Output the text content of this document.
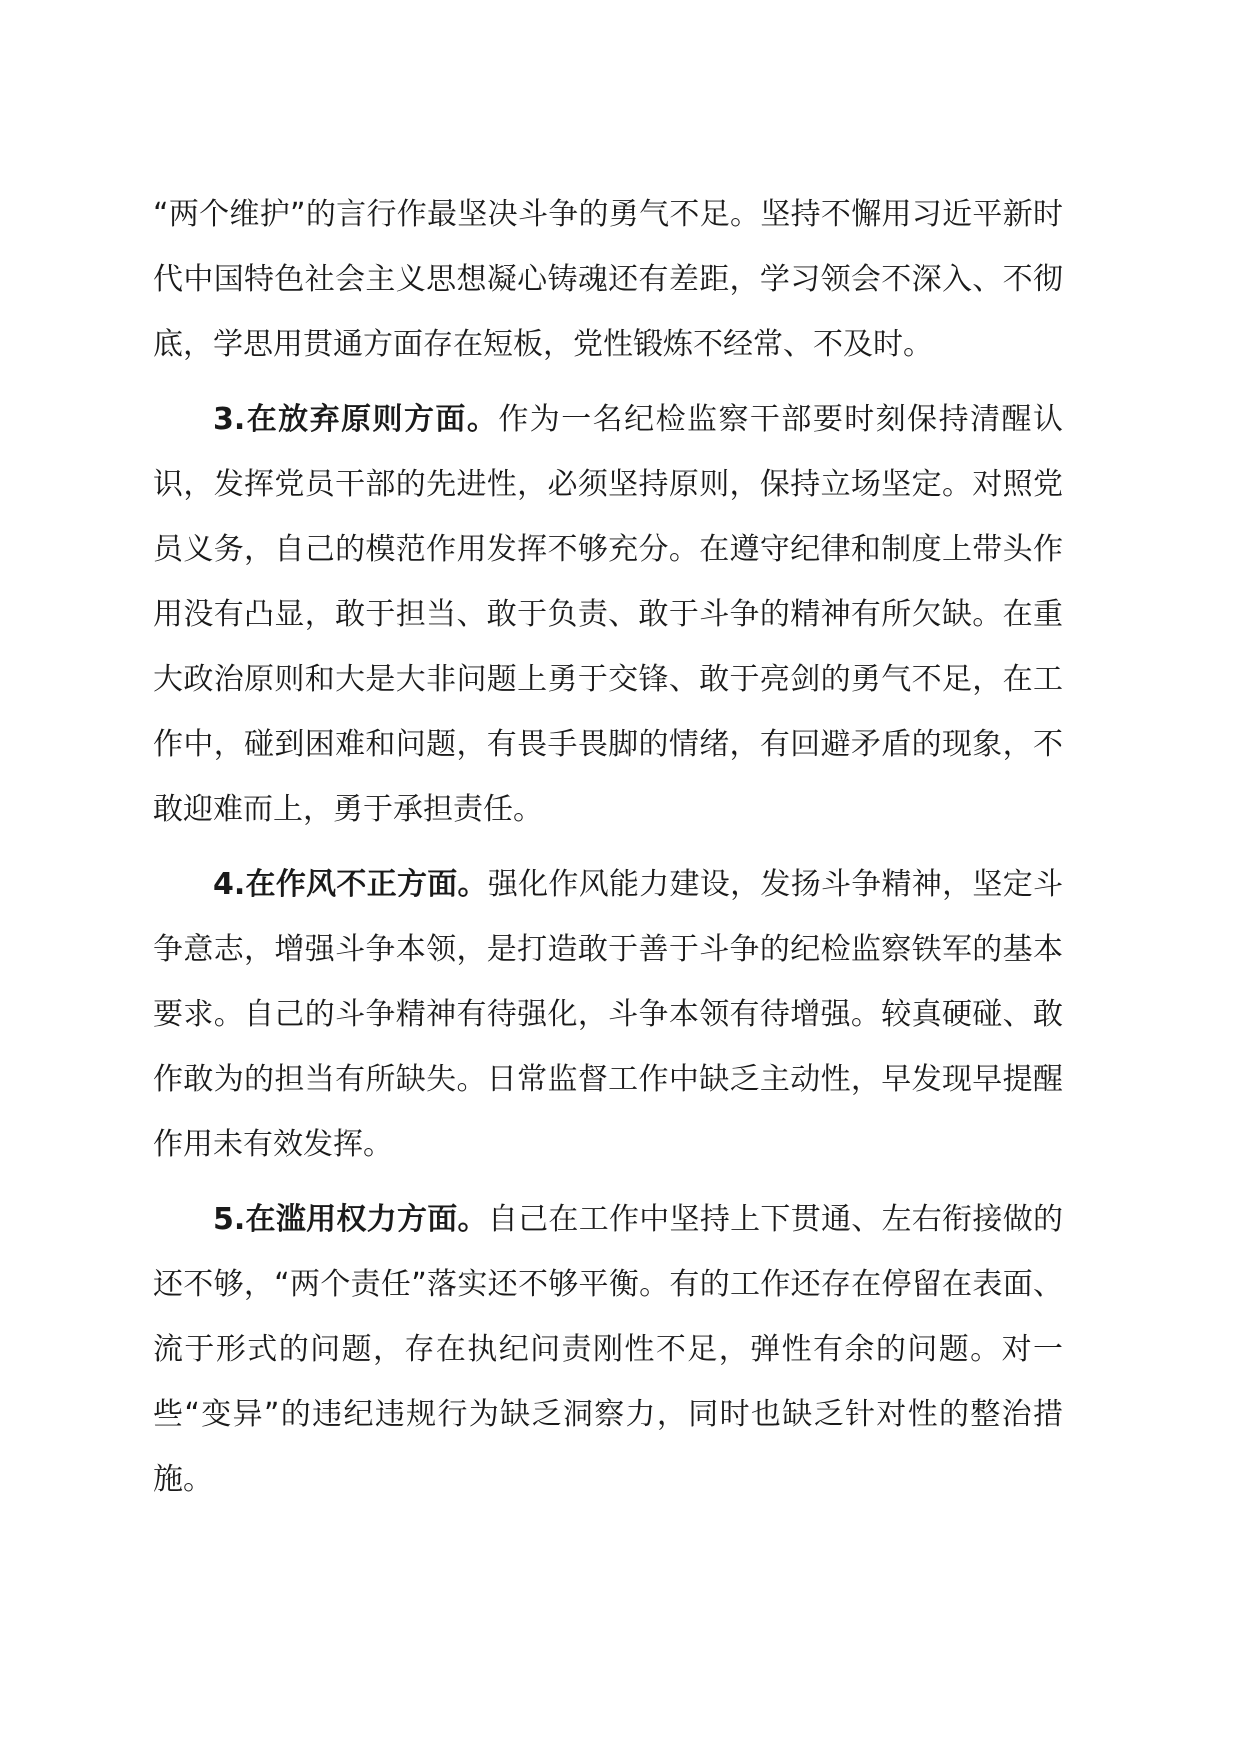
“两个维护”的言行作最坚决斗争的勇气不足。坚持不懈用习近平新时代中国特色社会主义思想凝心铸魂还有差距，学习领会不深入、不彻底，学思用贯通方面存在短板，党性锻炼不经常、不及时。

3.在放弃原则方面。作为一名纪检监察干部要时刻保持清醒认识，发挥党员干部的先进性，必须坚持原则，保持立场坚定。对照党员义务，自己的模范作用发挥不够充分。在遵守纪律和制度上带头作用没有凸显，敢于担当、敢于负责、敢于斗争的精神有所欠缺。在重大政治原则和大是大非问题上勇于交锋、敢于亮剑的勇气不足，在工作中，碰到困难和问题，有畏手畏脚的情绪，有回避矛盾的现象，不敢迎难而上，勇于承担责任。

4.在作风不正方面。强化作风能力建设，发扬斗争精神，坚定斗争意志，增强斗争本领，是打造敢于善于斗争的纪检监察铁军的基本要求。自己的斗争精神有待强化，斗争本领有待增强。较真硬碰、敢作敢为的担当有所缺失。日常监督工作中缺乏主动性，早发现早提醒作用未有效发挥。

5.在滥用权力方面。自己在工作中坚持上下贯通、左右衔接做的还不够，“两个责任”落实还不够平衡。有的工作还存在停留在表面、流于形式的问题，存在执纪问责刚性不足，弹性有余的问题。对一些“变异”的违纪违规行为缺乏洞察力，同时也缺乏针对性的整治措施。
